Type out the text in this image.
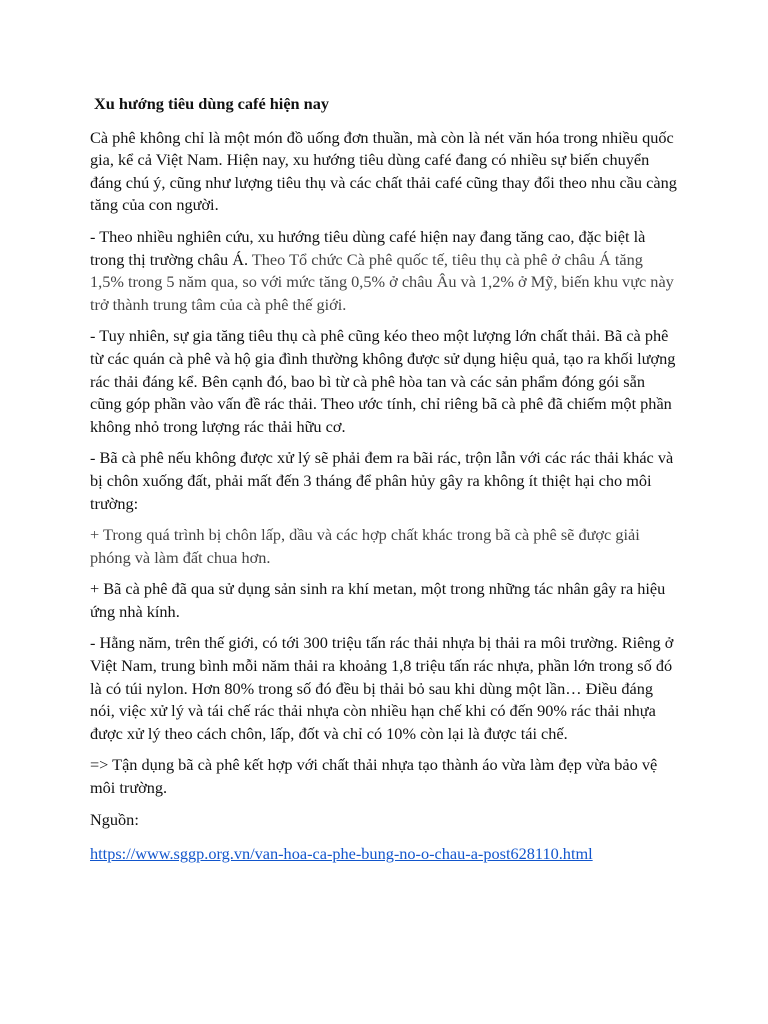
Xu hướng tiêu dùng café hiện nay

Cà phê không chỉ là một món đồ uống đơn thuần, mà còn là nét văn hóa trong nhiều quốc gia, kể cả Việt Nam. Hiện nay, xu hướng tiêu dùng café đang có nhiều sự biến chuyển đáng chú ý, cũng như lượng tiêu thụ và các chất thải café cũng thay đổi theo nhu cầu càng tăng của con người.

- Theo nhiều nghiên cứu, xu hướng tiêu dùng café hiện nay đang tăng cao, đặc biệt là trong thị trường châu Á. Theo Tổ chức Cà phê quốc tế, tiêu thụ cà phê ở châu Á tăng 1,5% trong 5 năm qua, so với mức tăng 0,5% ở châu Âu và 1,2% ở Mỹ, biến khu vực này trở thành trung tâm của cà phê thế giới.

- Tuy nhiên, sự gia tăng tiêu thụ cà phê cũng kéo theo một lượng lớn chất thải. Bã cà phê từ các quán cà phê và hộ gia đình thường không được sử dụng hiệu quả, tạo ra khối lượng rác thải đáng kể. Bên cạnh đó, bao bì từ cà phê hòa tan và các sản phẩm đóng gói sẵn cũng góp phần vào vấn đề rác thải. Theo ước tính, chỉ riêng bã cà phê đã chiếm một phần không nhỏ trong lượng rác thải hữu cơ.

- Bã cà phê nếu không được xử lý sẽ phải đem ra bãi rác, trộn lẫn với các rác thải khác và bị chôn xuống đất, phải mất đến 3 tháng để phân hủy gây ra không ít thiệt hại cho môi trường:

+ Trong quá trình bị chôn lấp, dầu và các hợp chất khác trong bã cà phê sẽ được giải phóng và làm đất chua hơn.

+ Bã cà phê đã qua sử dụng sản sinh ra khí metan, một trong những tác nhân gây ra hiệu ứng nhà kính.

- Hằng năm, trên thế giới, có tới 300 triệu tấn rác thải nhựa bị thải ra môi trường. Riêng ở Việt Nam, trung bình mỗi năm thải ra khoảng 1,8 triệu tấn rác nhựa, phần lớn trong số đó là có túi nylon. Hơn 80% trong số đó đều bị thải bỏ sau khi dùng một lần… Điều đáng nói, việc xử lý và tái chế rác thải nhựa còn nhiều hạn chế khi có đến 90% rác thải nhựa được xử lý theo cách chôn, lấp, đốt và chỉ có 10% còn lại là được tái chế.

=> Tận dụng bã cà phê kết hợp với chất thải nhựa tạo thành áo vừa làm đẹp vừa bảo vệ môi trường.

Nguồn:

https://www.sggp.org.vn/van-hoa-ca-phe-bung-no-o-chau-a-post628110.html
